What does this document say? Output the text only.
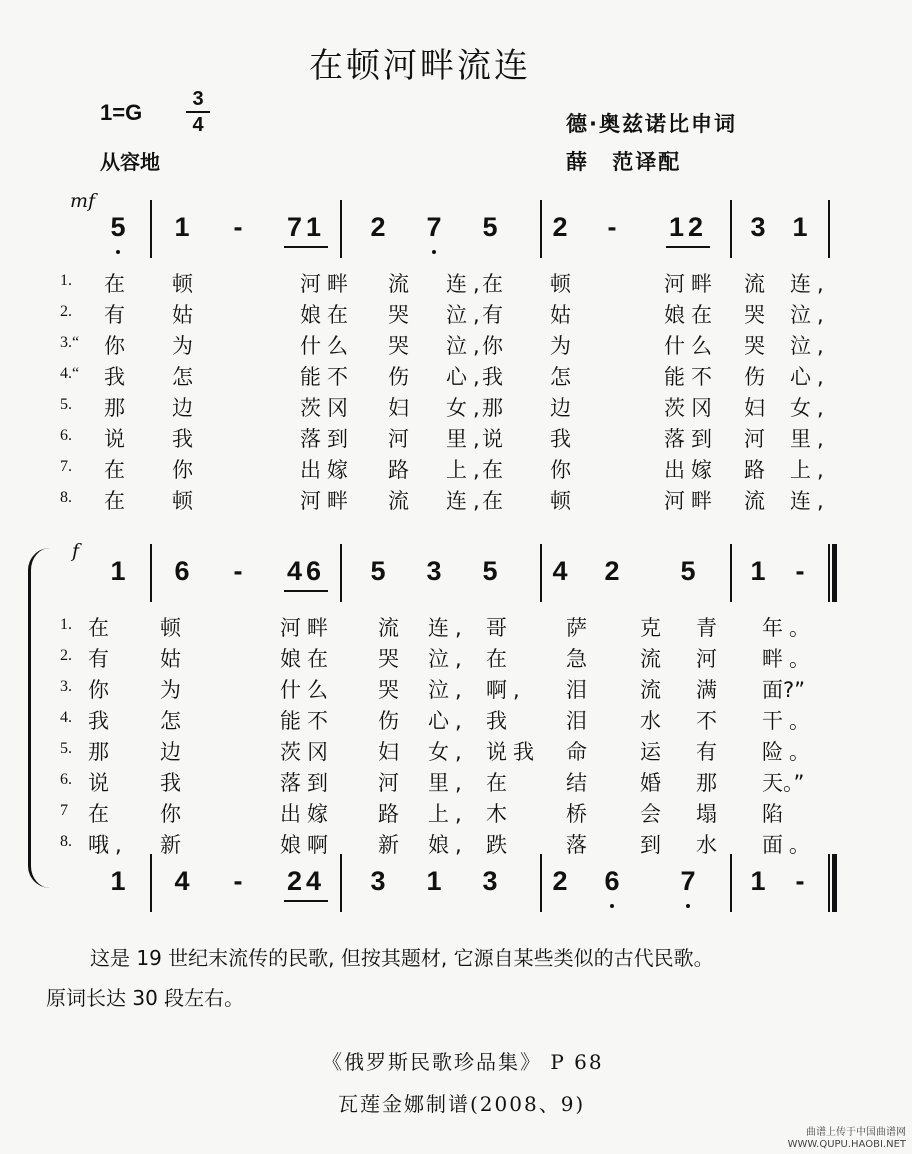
在顿河畔流连
1=G
3
4
从容地
德·奥兹诺比申词
薛 范译配
mf
5 1 - 71 2 7 5 2 - 12 3 1
1. 在 顿	河畔 流 连,
在 顿	河畔 流 连,
2. 有 姑	娘在 哭 泣,
有 姑	娘在 哭 泣,
3.“ 你 为	什么 哭 泣,
你 为	什么 哭 泣,
4.“ 我 怎	能不 伤 心,
我 怎	能不 伤 心,
5. 那 边	茨冈 妇 女,
那 边	茨冈 妇 女,
6. 说 我	落到 河 里,
说 我	落到 河 里,
7. 在 你	出嫁 路 上,
在 你	出嫁 路 上,
8. 在 顿	河畔 流 连,
在 顿	河畔 流 连,
f
1 6 - 46 5 3 5 4 2 5 1 -
1. 在 顿	河畔 流 连, 哥	萨	克 青 年。
2. 有 姑	娘在 哭 泣, 在	急	流 河 畔。
3. 你 为	什么 哭 泣, 啊, 泪	流 满 面?”
4. 我 怎	能不 伤 心, 我	泪	水 不 干。
5. 那 边	茨冈 妇 女, 说我 命	运 有 险。
6. 说 我	落到 河 里, 在	结	婚 那 天。”
7 在 你	出嫁 路 上, 木	桥	会 塌 陷
8. 哦, 新	娘啊 新 娘, 跌	落	到 水 面。
1 4 - 24 3 1 3 2 6 7 1 -
这是 19 世纪末流传的民歌, 但按其题材, 它源自某些类似的古代民歌。
原词长达 30 段左右。
《俄罗斯民歌珍品集》 P 68
瓦莲金娜制谱(2008、9)
曲谱上传于中国曲谱网
WWW.QUPU.HAOBI.NET
